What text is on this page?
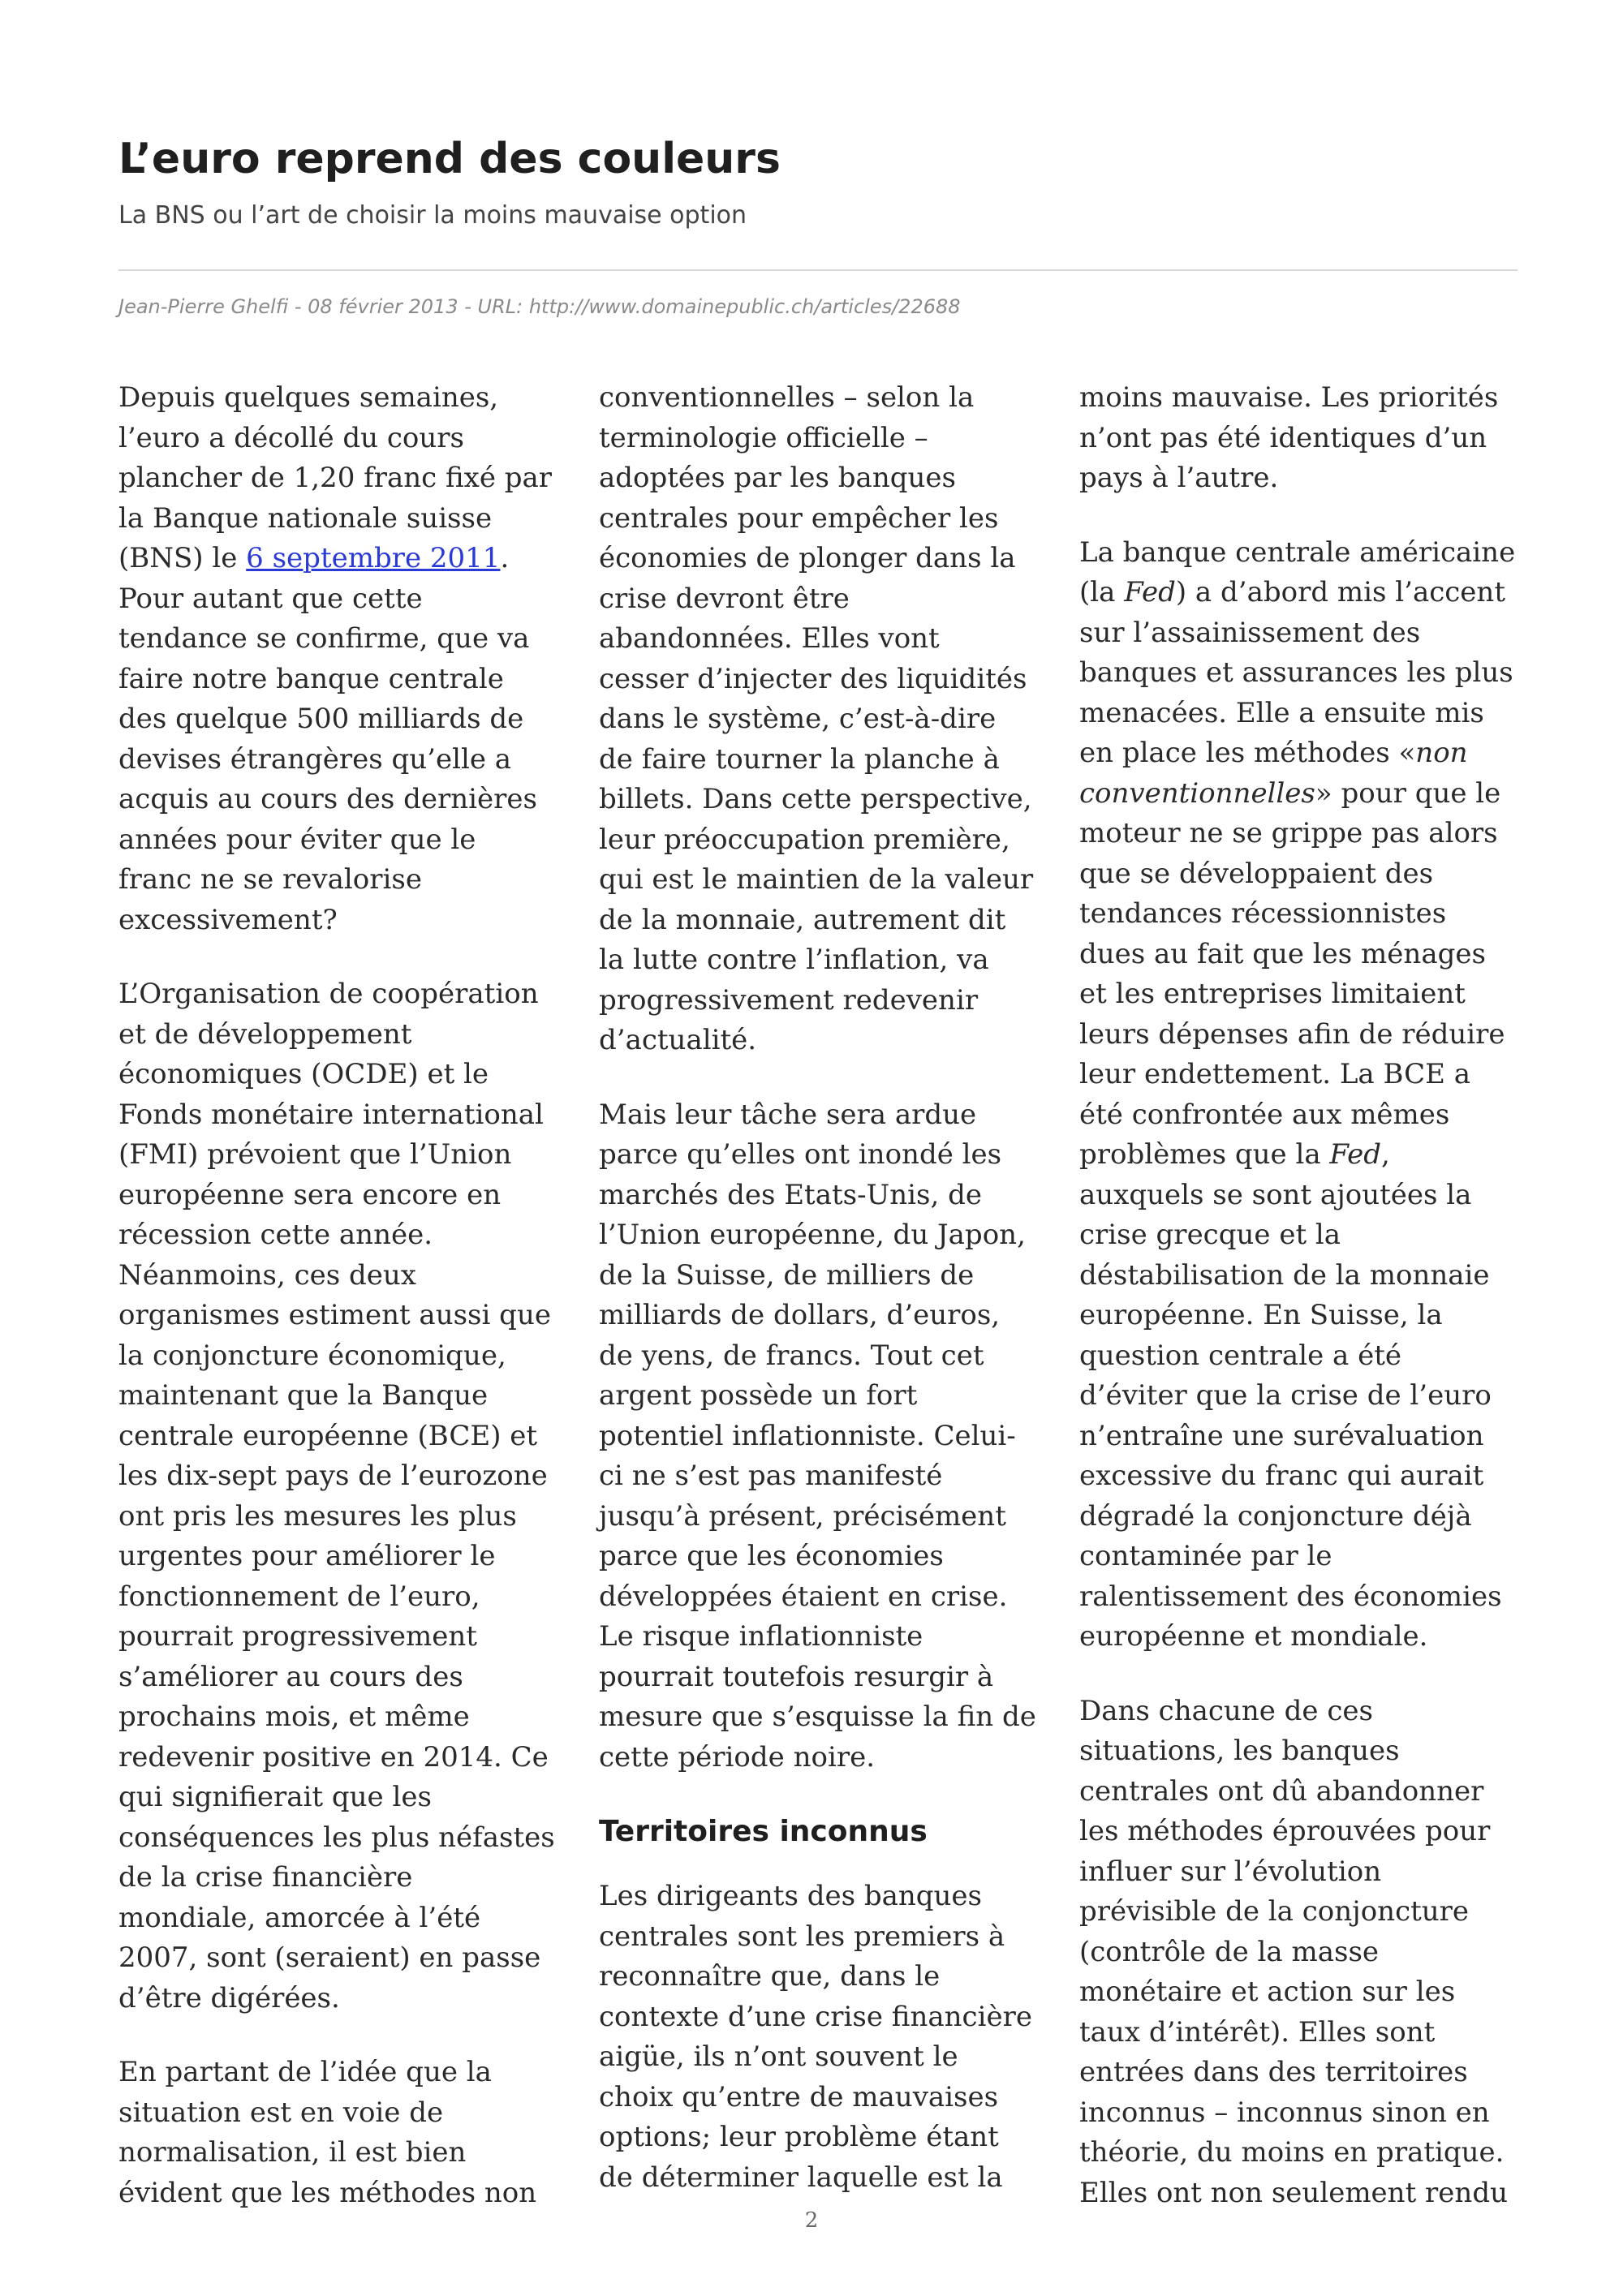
L’euro reprend des couleurs
La BNS ou l’art de choisir la moins mauvaise option
Jean-Pierre Ghelfi - 08 février 2013 - URL: http://www.domainepublic.ch/articles/22688

Depuis quelques semaines, l’euro a décollé du cours plancher de 1,20 franc fixé par la Banque nationale suisse (BNS) le 6 septembre 2011. Pour autant que cette tendance se confirme, que va faire notre banque centrale des quelque 500 milliards de devises étrangères qu’elle a acquis au cours des dernières années pour éviter que le franc ne se revalorise excessivement?

L’Organisation de coopération et de développement économiques (OCDE) et le Fonds monétaire international (FMI) prévoient que l’Union européenne sera encore en récession cette année. Néanmoins, ces deux organismes estiment aussi que la conjoncture économique, maintenant que la Banque centrale européenne (BCE) et les dix-sept pays de l’eurozone ont pris les mesures les plus urgentes pour améliorer le fonctionnement de l’euro, pourrait progressivement s’améliorer au cours des prochains mois, et même redevenir positive en 2014. Ce qui signifierait que les conséquences les plus néfastes de la crise financière mondiale, amorcée à l’été 2007, sont (seraient) en passe d’être digérées.

En partant de l’idée que la situation est en voie de normalisation, il est bien évident que les méthodes non

conventionnelles – selon la terminologie officielle – adoptées par les banques centrales pour empêcher les économies de plonger dans la crise devront être abandonnées. Elles vont cesser d’injecter des liquidités dans le système, c’est-à-dire de faire tourner la planche à billets. Dans cette perspective, leur préoccupation première, qui est le maintien de la valeur de la monnaie, autrement dit la lutte contre l’inflation, va progressivement redevenir d’actualité.

Mais leur tâche sera ardue parce qu’elles ont inondé les marchés des Etats-Unis, de l’Union européenne, du Japon, de la Suisse, de milliers de milliards de dollars, d’euros, de yens, de francs. Tout cet argent possède un fort potentiel inflationniste. Celui-ci ne s’est pas manifesté jusqu’à présent, précisément parce que les économies développées étaient en crise. Le risque inflationniste pourrait toutefois resurgir à mesure que s’esquisse la fin de cette période noire.

Territoires inconnus

Les dirigeants des banques centrales sont les premiers à reconnaître que, dans le contexte d’une crise financière aigüe, ils n’ont souvent le choix qu’entre de mauvaises options; leur problème étant de déterminer laquelle est la

moins mauvaise. Les priorités n’ont pas été identiques d’un pays à l’autre.

La banque centrale américaine (la Fed) a d’abord mis l’accent sur l’assainissement des banques et assurances les plus menacées. Elle a ensuite mis en place les méthodes «non conventionnelles» pour que le moteur ne se grippe pas alors que se développaient des tendances récessionnistes dues au fait que les ménages et les entreprises limitaient leurs dépenses afin de réduire leur endettement. La BCE a été confrontée aux mêmes problèmes que la Fed, auxquels se sont ajoutées la crise grecque et la déstabilisation de la monnaie européenne. En Suisse, la question centrale a été d’éviter que la crise de l’euro n’entraîne une surévaluation excessive du franc qui aurait dégradé la conjoncture déjà contaminée par le ralentissement des économies européenne et mondiale.

Dans chacune de ces situations, les banques centrales ont dû abandonner les méthodes éprouvées pour influer sur l’évolution prévisible de la conjoncture (contrôle de la masse monétaire et action sur les taux d’intérêt). Elles sont entrées dans des territoires inconnus – inconnus sinon en théorie, du moins en pratique. Elles ont non seulement rendu

2
